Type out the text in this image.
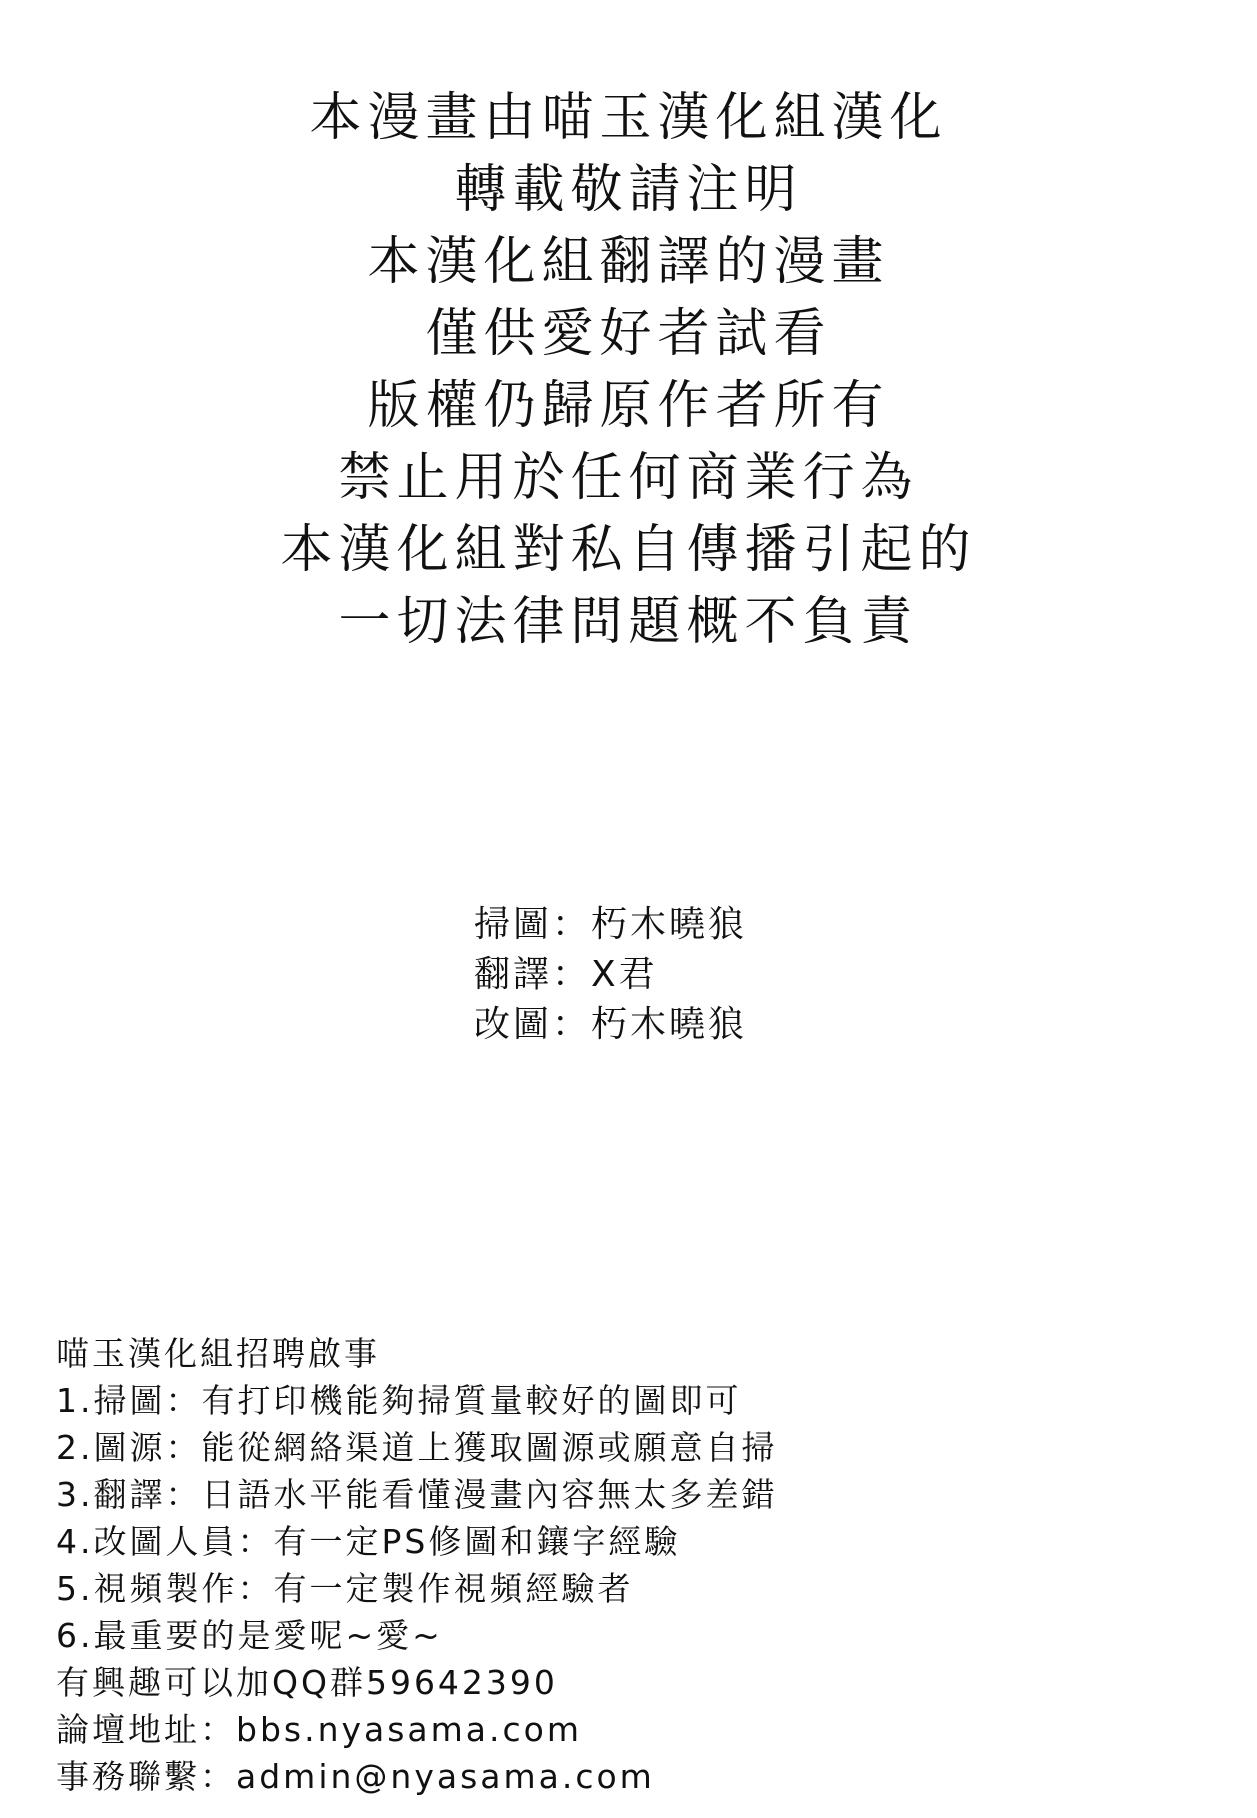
本漫畫由喵玉漢化組漢化
轉載敬請注明
本漢化組翻譯的漫畫
僅供愛好者試看
版權仍歸原作者所有
禁止用於任何商業行為
本漢化組對私自傳播引起的
一切法律問題概不負責
掃圖：朽木曉狼
翻譯：X君
改圖：朽木曉狼
喵玉漢化組招聘啟事
1.掃圖：有打印機能夠掃質量較好的圖即可
2.圖源：能從網絡渠道上獲取圖源或願意自掃
3.翻譯：日語水平能看懂漫畫內容無太多差錯
4.改圖人員：有一定PS修圖和鑲字經驗
5.視頻製作：有一定製作視頻經驗者
6.最重要的是愛呢~愛~
有興趣可以加QQ群59642390
論壇地址：bbs.nyasama.com
事務聯繫：admin@nyasama.com
